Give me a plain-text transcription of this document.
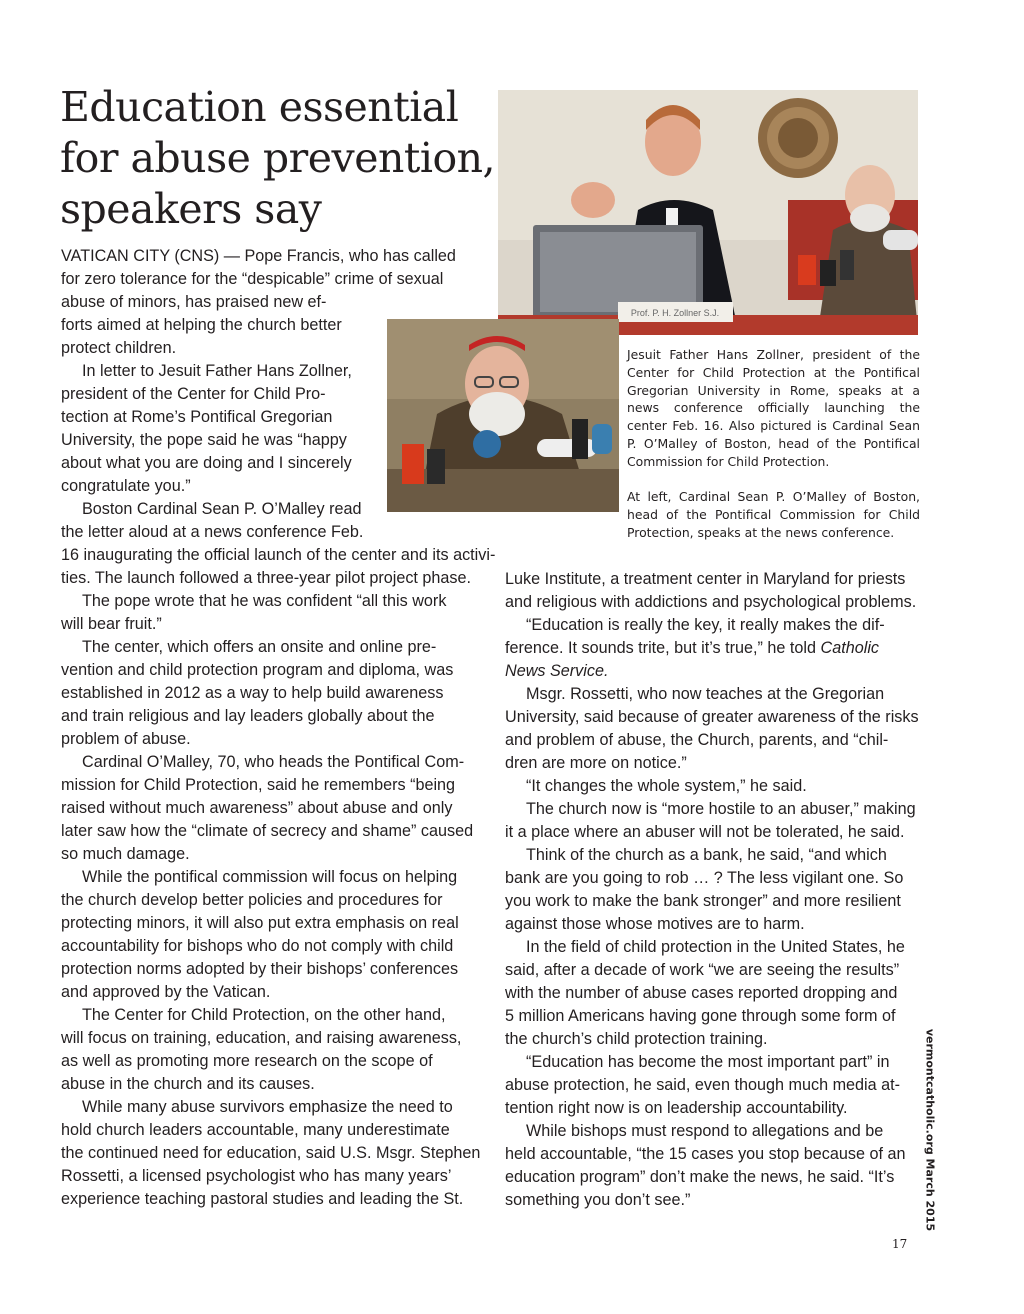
Education essential for abuse prevention, speakers say
Prof. P. H. Zollner S.J.

Jesuit Father Hans Zollner, president of the Center for Child Protection at the Pontifical Gregorian University in Rome, speaks at a news conference officially launching the center Feb. 16. Also pictured is Cardinal Sean P. O’Malley of Boston, head of the Pontifical Commission for Child Protection.

At left, Cardinal Sean P. O’Malley of Boston, head of the Pontifical Commission for Child Protection, speaks at the news conference.

VATICAN CITY (CNS) — Pope Francis, who has called
for zero tolerance for the “despicable” crime of sexual
abuse of minors, has praised new ef-
forts aimed at helping the church better
protect children.
In letter to Jesuit Father Hans Zollner,
president of the Center for Child Pro-
tection at Rome’s Pontifical Gregorian
University, the pope said he was “happy
about what you are doing and I sincerely
congratulate you.”
Boston Cardinal Sean P. O’Malley read
the letter aloud at a news conference Feb.
16 inaugurating the official launch of the center and its activi-
ties. The launch followed a three-year pilot project phase.
The pope wrote that he was confident “all this work
will bear fruit.”
The center, which offers an onsite and online pre-
vention and child protection program and diploma, was
established in 2012 as a way to help build awareness
and train religious and lay leaders globally about the
problem of abuse.
Cardinal O’Malley, 70, who heads the Pontifical Com-
mission for Child Protection, said he remembers “being
raised without much awareness” about abuse and only
later saw how the “climate of secrecy and shame” caused
so much damage.
While the pontifical commission will focus on helping
the church develop better policies and procedures for
protecting minors, it will also put extra emphasis on real
accountability for bishops who do not comply with child
protection norms adopted by their bishops’ conferences
and approved by the Vatican.
The Center for Child Protection, on the other hand,
will focus on training, education, and raising awareness,
as well as promoting more research on the scope of
abuse in the church and its causes.
While many abuse survivors emphasize the need to
hold church leaders accountable, many underestimate
the continued need for education, said U.S. Msgr. Stephen
Rossetti, a licensed psychologist who has many years’
experience teaching pastoral studies and leading the St.
Luke Institute, a treatment center in Maryland for priests
and religious with addictions and psychological problems.
“Education is really the key, it really makes the dif-
ference. It sounds trite, but it’s true,” he told Catholic
News Service.
Msgr. Rossetti, who now teaches at the Gregorian
University, said because of greater awareness of the risks
and problem of abuse, the Church, parents, and “chil-
dren are more on notice.”
“It changes the whole system,” he said.
The church now is “more hostile to an abuser,” making
it a place where an abuser will not be tolerated, he said.
Think of the church as a bank, he said, “and which
bank are you going to rob … ? The less vigilant one. So
you work to make the bank stronger” and more resilient
against those whose motives are to harm.
In the field of child protection in the United States, he
said, after a decade of work “we are seeing the results”
with the number of abuse cases reported dropping and
5 million Americans having gone through some form of
the church’s child protection training.
“Education has become the most important part” in
abuse protection, he said, even though much media at-
tention right now is on leadership accountability.
While bishops must respond to allegations and be
held accountable, “the 15 cases you stop because of an
education program” don’t make the news, he said. “It’s
something you don’t see.”	vermontcatholic.org March 2015
17
